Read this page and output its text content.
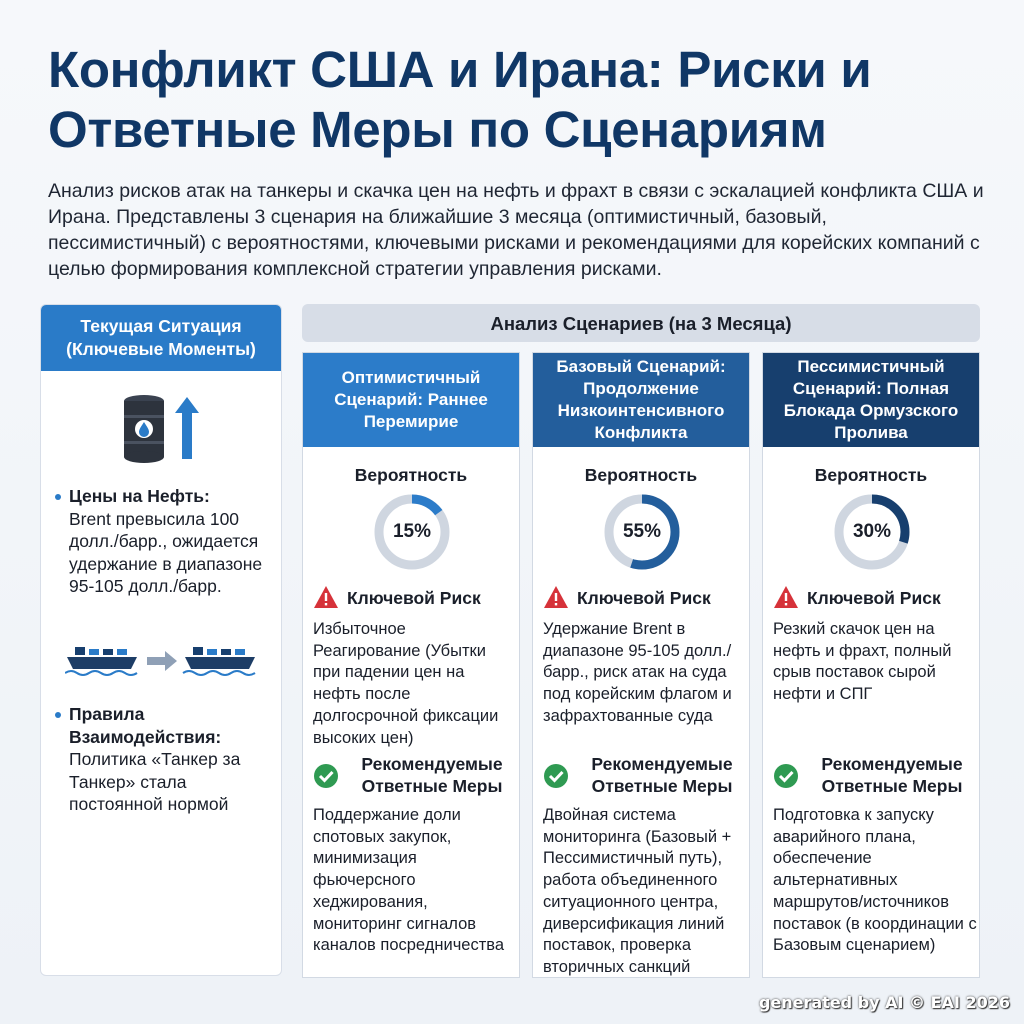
Конфликт США и Ирана: Риски и Ответные Меры по Сценариям
Анализ рисков атак на танкеры и скачка цен на нефть и фрахт в связи с эскалацией конфликта США и Ирана. Представлены 3 сценария на ближайшие 3 месяца (оптимистичный, базовый, пессимистичный) с вероятностями, ключевыми рисками и рекомендациями для корейских компаний с целью формирования комплексной стратегии управления рисками.
Текущая Ситуация (Ключевые Моменты)
Цены на Нефть:
Brent превысила 100 долл./барр., ожидается удержание в диапазоне 95-105 долл./барр.
Правила Взаимодействия:
Политика «Танкер за Танкер» стала постоянной нормой
Анализ Сценариев (на 3 Месяца)
Оптимистичный Сценарий: Раннее Перемирие
Вероятность
15%
Ключевой Риск
Избыточное Реагирование (Убытки при падении цен на нефть после долгосрочной фиксации высоких цен)
Рекомендуемые Ответные Меры
Поддержание доли спотовых закупок, минимизация фьючерсного хеджирования, мониторинг сигналов каналов посредничества
Базовый Сценарий: Продолжение Низкоинтенсивного Конфликта
Вероятность
55%
Ключевой Риск
Удержание Brent в диапазоне 95-105 долл./барр., риск атак на суда под корейским флагом и зафрахтованные суда
Рекомендуемые Ответные Меры
Двойная система мониторинга (Базовый + Пессимистичный путь), работа объединенного ситуационного центра, диверсификация линий поставок, проверка вторичных санкций
Пессимистичный Сценарий: Полная Блокада Ормузского Пролива
Вероятность
30%
Ключевой Риск
Резкий скачок цен на нефть и фрахт, полный срыв поставок сырой нефти и СПГ
Рекомендуемые Ответные Меры
Подготовка к запуску аварийного плана, обеспечение альтернативных маршрутов/источников поставок (в координации с Базовым сценарием)
generated by AI © EAI 2026
